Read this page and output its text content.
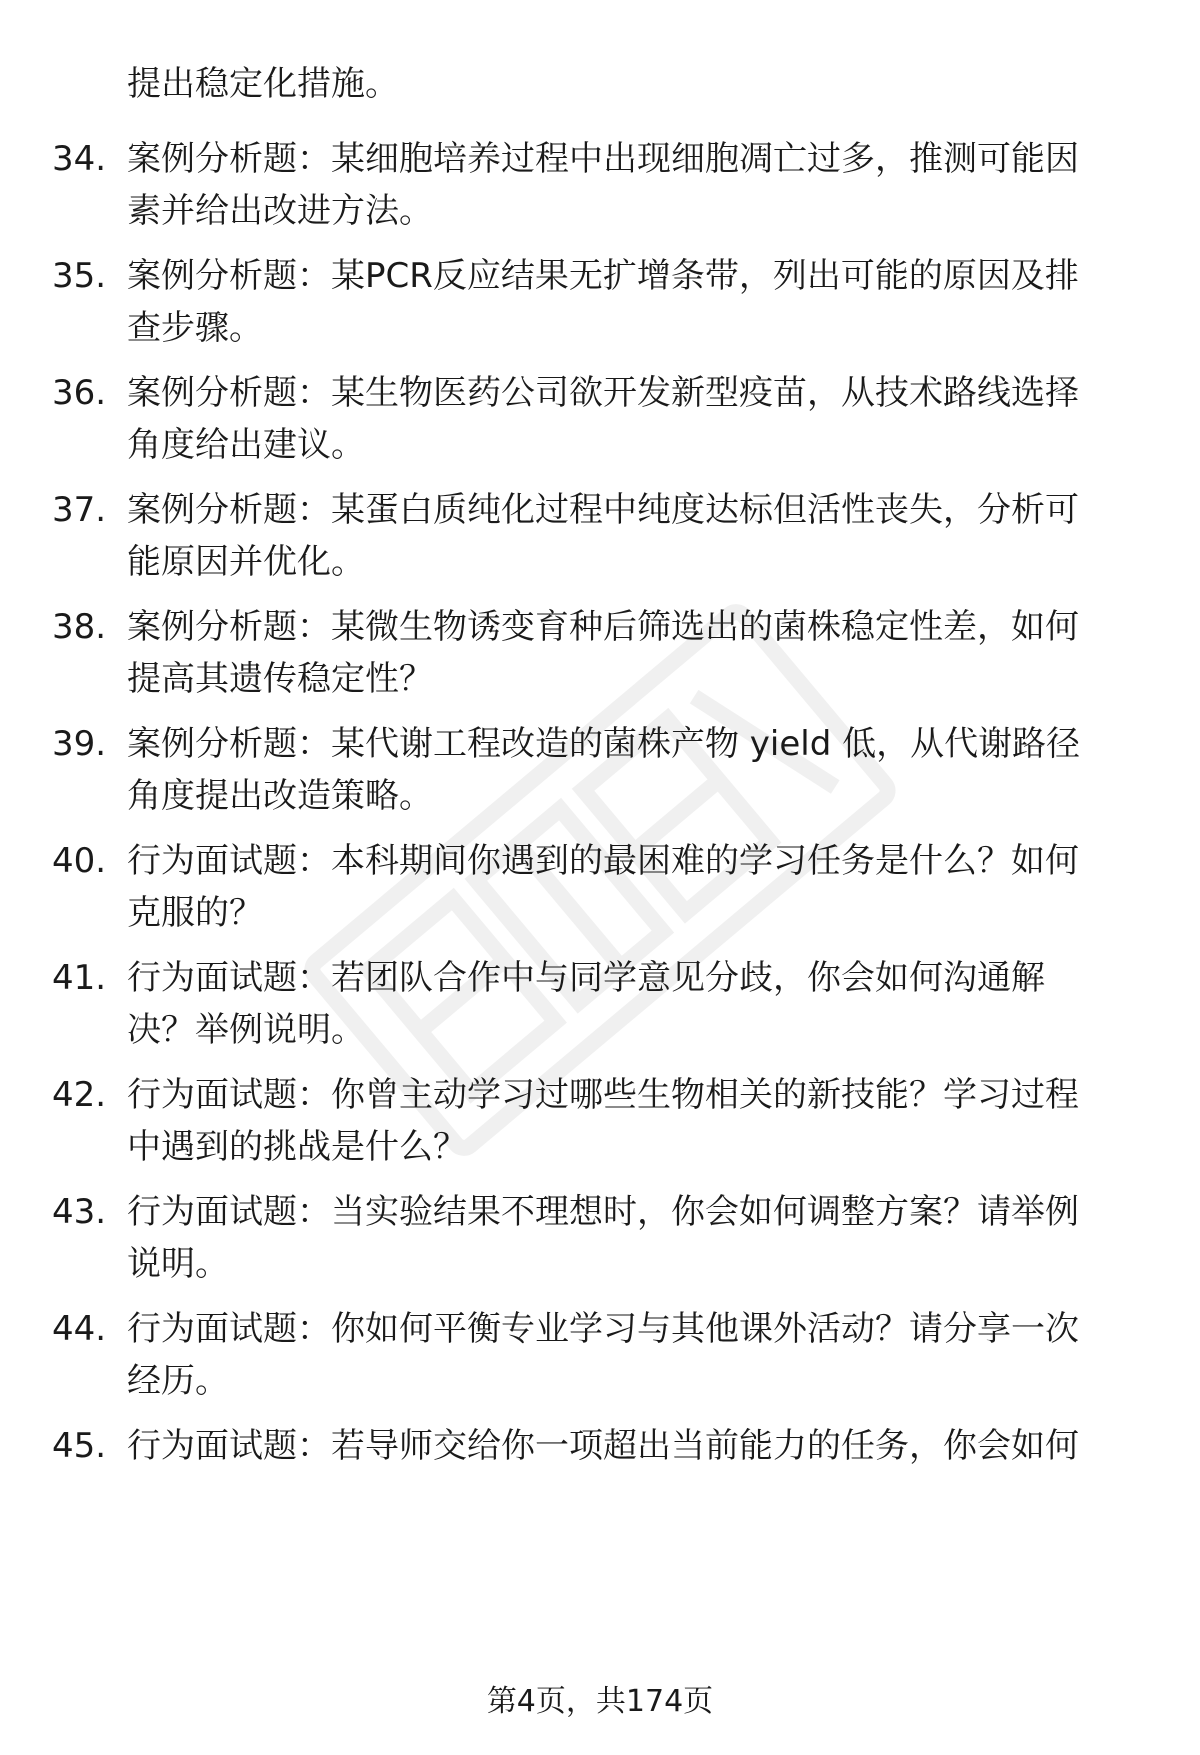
提出稳定化措施。
34. 案例分析题：某细胞培养过程中出现细胞凋亡过多，推测可能因
素并给出改进方法。
35. 案例分析题：某PCR反应结果无扩增条带，列出可能的原因及排
查步骤。
36. 案例分析题：某生物医药公司欲开发新型疫苗，从技术路线选择
角度给出建议。
37. 案例分析题：某蛋白质纯化过程中纯度达标但活性丧失，分析可
能原因并优化。
38. 案例分析题：某微生物诱变育种后筛选出的菌株稳定性差，如何
提高其遗传稳定性？
39. 案例分析题：某代谢工程改造的菌株产物 yield 低，从代谢路径
角度提出改造策略。
40. 行为面试题：本科期间你遇到的最困难的学习任务是什么？如何
克服的？
41. 行为面试题：若团队合作中与同学意见分歧，你会如何沟通解
决？举例说明。
42. 行为面试题：你曾主动学习过哪些生物相关的新技能？学习过程
中遇到的挑战是什么？
43. 行为面试题：当实验结果不理想时，你会如何调整方案？请举例
说明。
44. 行为面试题：你如何平衡专业学习与其他课外活动？请分享一次
经历。
45. 行为面试题：若导师交给你一项超出当前能力的任务，你会如何
第4页，共174页
